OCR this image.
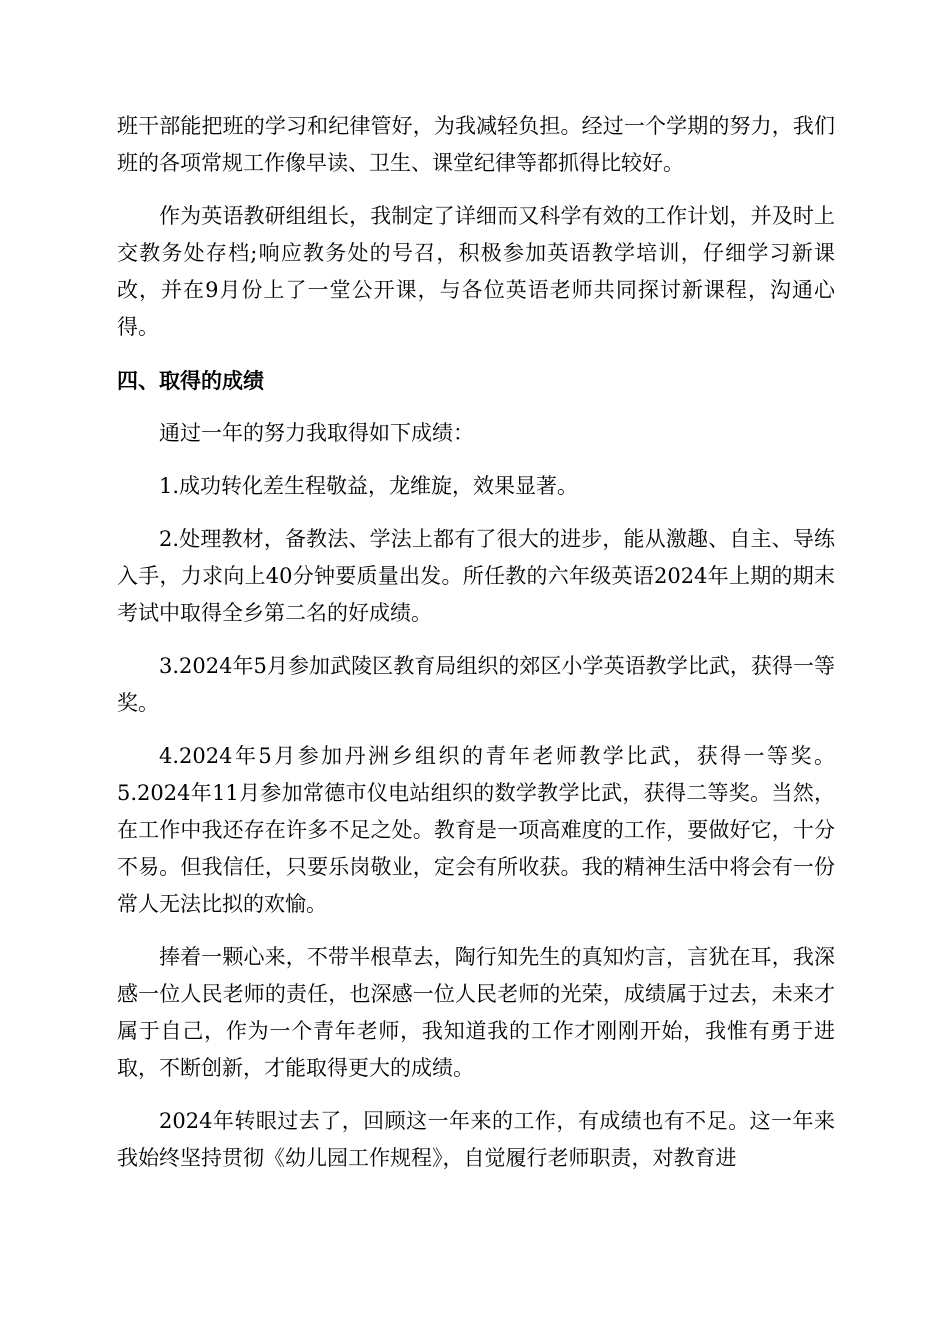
班干部能把班的学习和纪律管好，为我减轻负担。经过一个学期的努力，我们班的各项常规工作像早读、卫生、课堂纪律等都抓得比较好。

作为英语教研组组长，我制定了详细而又科学有效的工作计划，并及时上交教务处存档;响应教务处的号召，积极参加英语教学培训，仔细学习新课改，并在9月份上了一堂公开课，与各位英语老师共同探讨新课程，沟通心得。

四、取得的成绩

通过一年的努力我取得如下成绩：

1.成功转化差生程敬益，龙维旋，效果显著。

2.处理教材，备教法、学法上都有了很大的进步，能从激趣、自主、导练入手，力求向上40分钟要质量出发。所任教的六年级英语2024年上期的期末考试中取得全乡第二名的好成绩。

3.2024年5月参加武陵区教育局组织的郊区小学英语教学比武，获得一等奖。

4.2024年5月参加丹洲乡组织的青年老师教学比武，获得一等奖。5.2024年11月参加常德市仪电站组织的数学教学比武，获得二等奖。当然，在工作中我还存在许多不足之处。教育是一项高难度的工作，要做好它，十分不易。但我信任，只要乐岗敬业，定会有所收获。我的精神生活中将会有一份常人无法比拟的欢愉。

捧着一颗心来，不带半根草去，陶行知先生的真知灼言，言犹在耳，我深感一位人民老师的责任，也深感一位人民老师的光荣，成绩属于过去，未来才属于自己，作为一个青年老师，我知道我的工作才刚刚开始，我惟有勇于进取，不断创新，才能取得更大的成绩。

2024年转眼过去了，回顾这一年来的工作，有成绩也有不足。这一年来我始终坚持贯彻《幼儿园工作规程》，自觉履行老师职责，对教育进
